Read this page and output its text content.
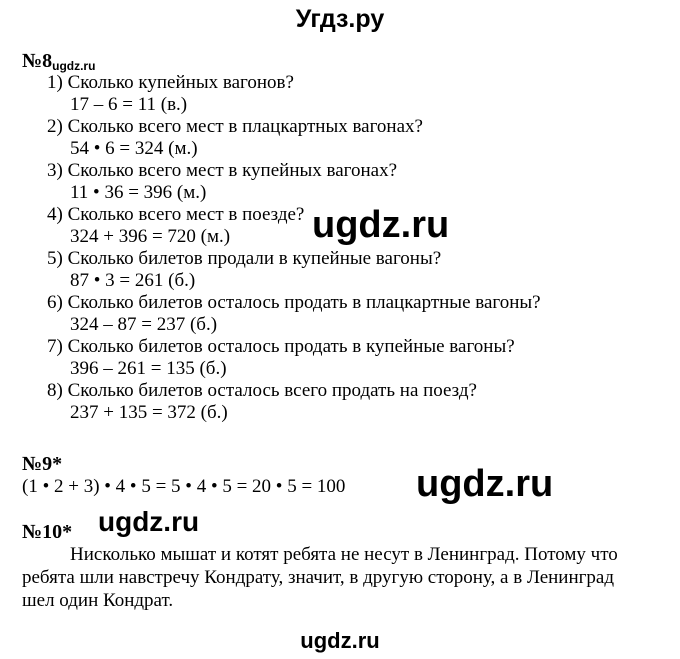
Угдз.ру
№8ugdz.ru
1) Сколько купейных вагонов?
17 – 6 = 11 (в.)
2) Сколько всего мест в плацкартных вагонах?
54 • 6 = 324 (м.)
3) Сколько всего мест в купейных вагонах?
11 • 36 = 396 (м.)
4) Сколько всего мест в поезде?
324 + 396 = 720 (м.)
5) Сколько билетов продали в купейные вагоны?
87 • 3 = 261 (б.)
6) Сколько билетов осталось продать в плацкартные вагоны?
324 – 87 = 237 (б.)
7) Сколько билетов осталось продать в купейные вагоны?
396 – 261 = 135 (б.)
8) Сколько билетов осталось всего продать на поезд?
237 + 135 = 372 (б.)
№9*
(1 • 2 + 3) • 4 • 5 = 5 • 4 • 5 = 20 • 5 = 100
№10*
Нисколько мышат и котят ребята не несут в Ленинград. Потому что
ребята шли навстречу Кондрату, значит, в другую сторону, а в Ленинград
шел один Кондрат.
ugdz.ru
ugdz.ru
ugdz.ru
ugdz.ru
